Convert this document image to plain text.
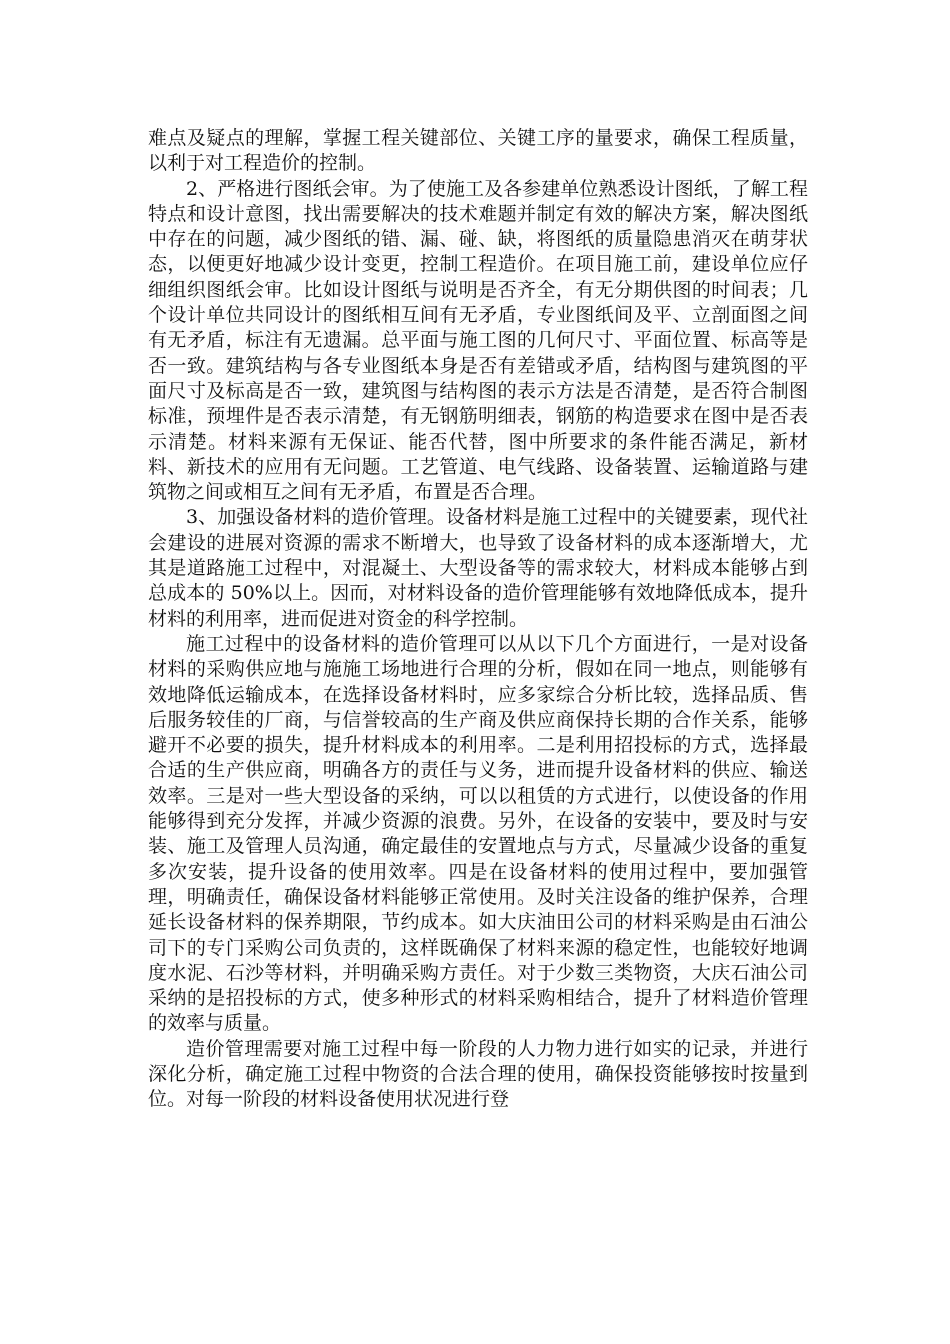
难点及疑点的理解，掌握工程关键部位、关键工序的量要求，确保工程质量，以利于对工程造价的控制。

2、严格进行图纸会审。为了使施工及各参建单位熟悉设计图纸，了解工程特点和设计意图，找出需要解决的技术难题并制定有效的解决方案，解决图纸中存在的问题，减少图纸的错、漏、碰、缺，将图纸的质量隐患消灭在萌芽状态，以便更好地减少设计变更，控制工程造价。在项目施工前，建设单位应仔细组织图纸会审。比如设计图纸与说明是否齐全，有无分期供图的时间表；几个设计单位共同设计的图纸相互间有无矛盾，专业图纸间及平、立剖面图之间有无矛盾，标注有无遗漏。总平面与施工图的几何尺寸、平面位置、标高等是否一致。建筑结构与各专业图纸本身是否有差错或矛盾，结构图与建筑图的平面尺寸及标高是否一致，建筑图与结构图的表示方法是否清楚，是否符合制图标准，预埋件是否表示清楚，有无钢筋明细表，钢筋的构造要求在图中是否表示清楚。材料来源有无保证、能否代替，图中所要求的条件能否满足，新材料、新技术的应用有无问题。工艺管道、电气线路、设备装置、运输道路与建筑物之间或相互之间有无矛盾，布置是否合理。

3、加强设备材料的造价管理。设备材料是施工过程中的关键要素，现代社会建设的进展对资源的需求不断增大，也导致了设备材料的成本逐渐增大，尤其是道路施工过程中，对混凝土、大型设备等的需求较大，材料成本能够占到总成本的 50%以上。因而，对材料设备的造价管理能够有效地降低成本，提升材料的利用率，进而促进对资金的科学控制。

施工过程中的设备材料的造价管理可以从以下几个方面进行，一是对设备材料的采购供应地与施施工场地进行合理的分析，假如在同一地点，则能够有效地降低运输成本，在选择设备材料时，应多家综合分析比较，选择品质、售后服务较佳的厂商，与信誉较高的生产商及供应商保持长期的合作关系，能够避开不必要的损失，提升材料成本的利用率。二是利用招投标的方式，选择最合适的生产供应商，明确各方的责任与义务，进而提升设备材料的供应、输送效率。三是对一些大型设备的采纳，可以以租赁的方式进行，以使设备的作用能够得到充分发挥，并减少资源的浪费。另外，在设备的安装中，要及时与安装、施工及管理人员沟通，确定最佳的安置地点与方式，尽量减少设备的重复多次安装，提升设备的使用效率。四是在设备材料的使用过程中，要加强管理，明确责任，确保设备材料能够正常使用。及时关注设备的维护保养，合理延长设备材料的保养期限，节约成本。如大庆油田公司的材料采购是由石油公司下的专门采购公司负责的，这样既确保了材料来源的稳定性，也能较好地调度水泥、石沙等材料，并明确采购方责任。对于少数三类物资，大庆石油公司采纳的是招投标的方式，使多种形式的材料采购相结合，提升了材料造价管理的效率与质量。

造价管理需要对施工过程中每一阶段的人力物力进行如实的记录，并进行深化分析，确定施工过程中物资的合法合理的使用，确保投资能够按时按量到位。对每一阶段的材料设备使用状况进行登
